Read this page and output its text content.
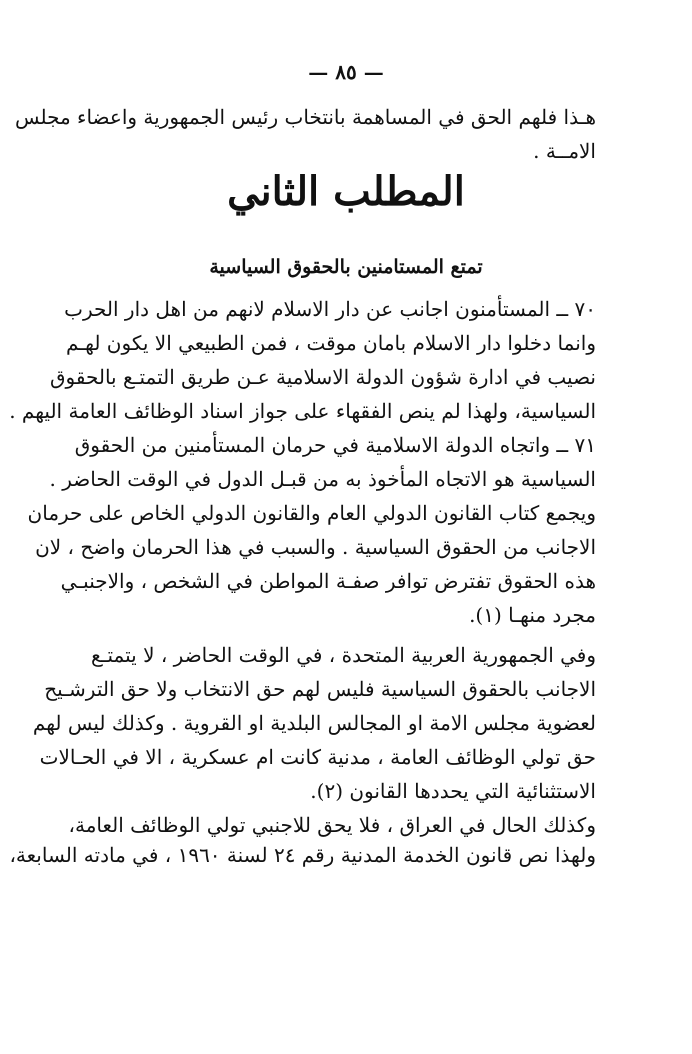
— ٨٥ —
هـذا فلهم الحق في المساهمة بانتخاب رئيس الجمهورية واعضاء مجلس
الامــة .
المطلب الثاني
تمتع المستامنين بالحقوق السياسية
٧٠ ــ المستأمنون اجانب عن دار الاسلام لانهم من اهل دار الحرب
وانما دخلوا دار الاسلام بامان موقت ، فمن الطبيعي الا يكون لهـم
نصيب في ادارة شؤون الدولة الاسلامية عـن طريق التمتـع بالحقوق
السياسية، ولهذا لم ينص الفقهاء على جواز اسناد الوظائف العامة اليهم .
٧١ ــ واتجاه الدولة الاسلامية في حرمان المستأمنين من الحقوق
السياسية هو الاتجاه المأخوذ به من قبـل الدول في الوقت الحاضر .
ويجمع كتاب القانون الدولي العام والقانون الدولي الخاص على حرمان
الاجانب من الحقوق السياسية . والسبب في هذا الحرمان واضح ، لان
هذه الحقوق تفترض توافر صفـة المواطن في الشخص ، والاجنبـي
مجرد منهـا (١).
وفي الجمهورية العربية المتحدة ، في الوقت الحاضر ، لا يتمتـع
الاجانب بالحقوق السياسية فليس لهم حق الانتخاب ولا حق الترشـيح
لعضوية مجلس الامة او المجالس البلدية او القروية . وكذلك ليس لهم
حق تولي الوظائف العامة ، مدنية كانت ام عسكرية ، الا في الحـالات
الاستثنائية التي يحددها القانون (٢).
وكذلك الحال في العراق ، فلا يحق للاجنبي تولي الوظائف العامة،
ولهذا نص قانون الخدمة المدنية رقم ٢٤ لسنة ١٩٦٠ ، في مادته السابعة،
